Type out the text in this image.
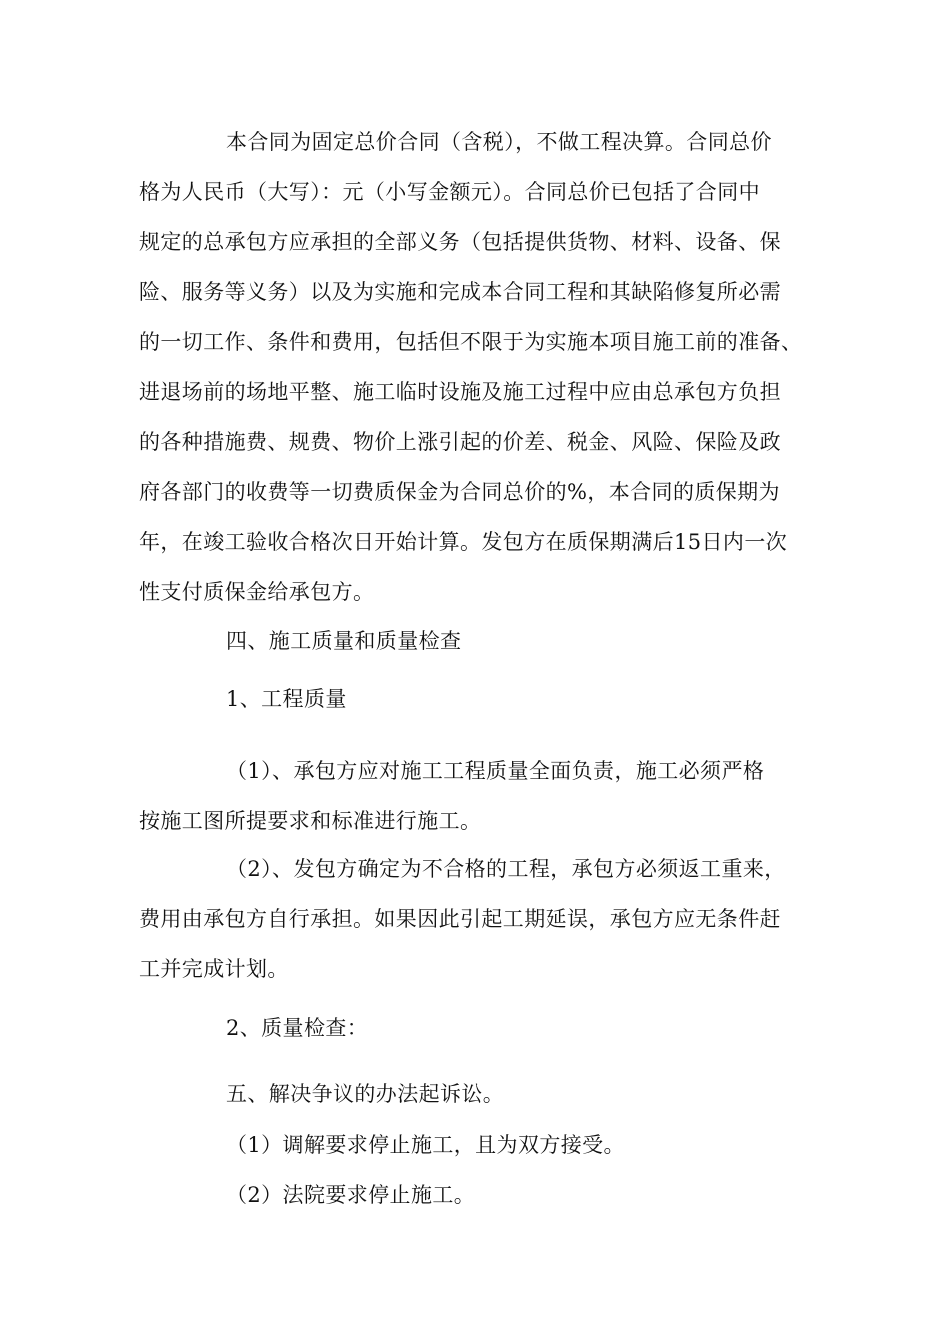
本合同为固定总价合同（含税），不做工程决算。合同总价
格为人民币（大写）：元（小写金额元）。合同总价已包括了合同中
规定的总承包方应承担的全部义务（包括提供货物、材料、设备、保
险、服务等义务）以及为实施和完成本合同工程和其缺陷修复所必需
的一切工作、条件和费用，包括但不限于为实施本项目施工前的准备、
进退场前的场地平整、施工临时设施及施工过程中应由总承包方负担
的各种措施费、规费、物价上涨引起的价差、税金、风险、保险及政
府各部门的收费等一切费质保金为合同总价的%，本合同的质保期为
年，在竣工验收合格次日开始计算。发包方在质保期满后15日内一次
性支付质保金给承包方。
四、施工质量和质量检查
1、工程质量
（1）、承包方应对施工工程质量全面负责，施工必须严格
按施工图所提要求和标准进行施工。
（2）、发包方确定为不合格的工程，承包方必须返工重来，
费用由承包方自行承担。如果因此引起工期延误，承包方应无条件赶
工并完成计划。
2、质量检查：
五、解决争议的办法起诉讼。
（1）调解要求停止施工，且为双方接受。
（2）法院要求停止施工。
